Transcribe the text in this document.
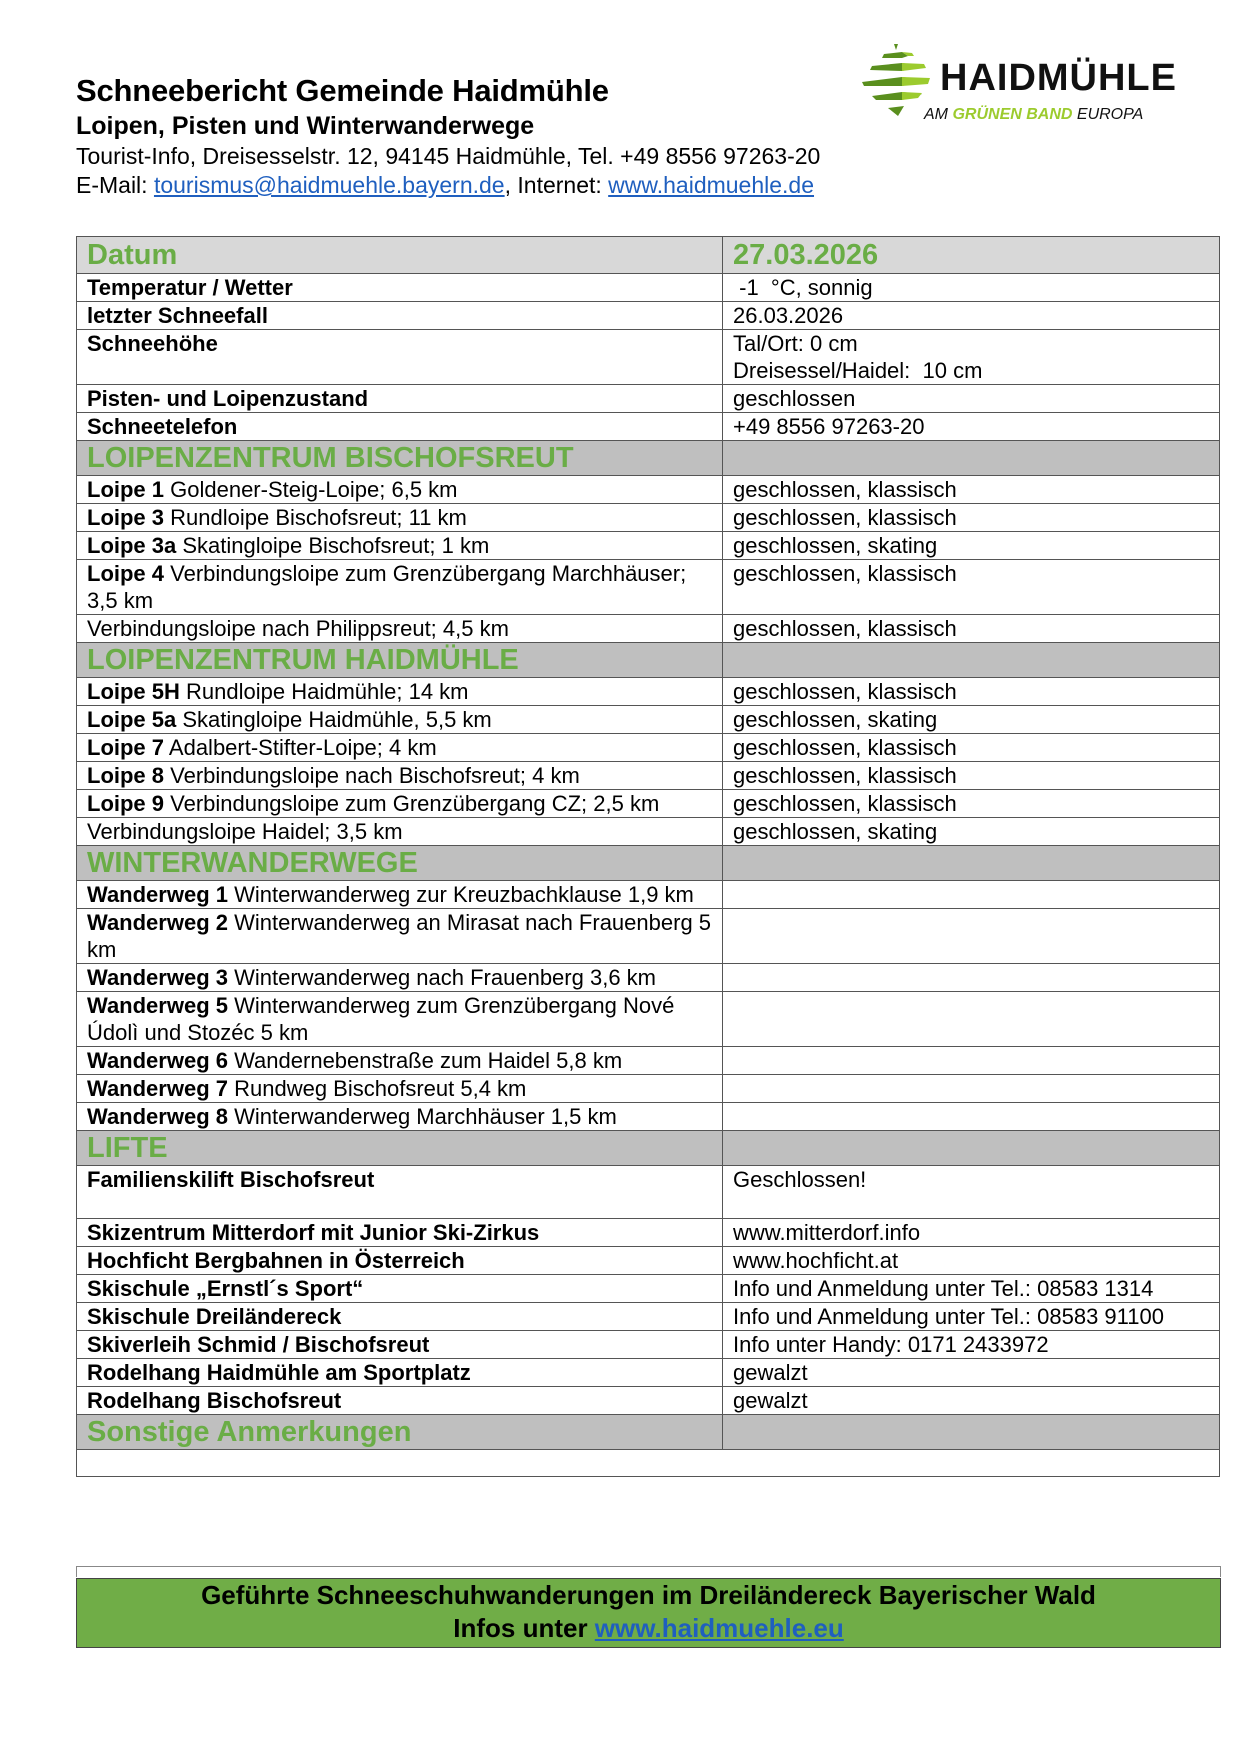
Schneebericht Gemeinde Haidmühle
Loipen, Pisten und Winterwanderwege
Tourist-Info, Dreisesselstr. 12, 94145 Haidmühle, Tel. +49 8556 97263-20
E-Mail: tourismus@haidmuehle.bayern.de, Internet: www.haidmuehle.de
HAIDMÜHLE
AM GRÜNEN BAND EUROPA
Datum	27.03.2026
Temperatur / Wetter	-1  °C, sonnig
letzter Schneefall	26.03.2026
Schneehöhe	Tal/Ort: 0 cm
Dreisessel/Haidel:  10 cm

Pisten- und Loipenzustand	geschlossen
Schneetelefon	+49 8556 97263-20
LOIPENZENTRUM BISCHOFSREUT	
Loipe 1 Goldener-Steig-Loipe; 6,5 km	geschlossen, klassisch
Loipe 3 Rundloipe Bischofsreut; 11 km	geschlossen, klassisch
Loipe 3a Skatingloipe Bischofsreut; 1 km	geschlossen, skating
Loipe 4 Verbindungsloipe zum Grenzübergang Marchhäuser; 3,5 km	geschlossen, klassisch
Verbindungsloipe nach Philippsreut; 4,5 km	geschlossen, klassisch
LOIPENZENTRUM HAIDMÜHLE	
Loipe 5H Rundloipe Haidmühle; 14 km	geschlossen, klassisch
Loipe 5a Skatingloipe Haidmühle, 5,5 km	geschlossen, skating
Loipe 7 Adalbert-Stifter-Loipe; 4 km	geschlossen, klassisch
Loipe 8 Verbindungsloipe nach Bischofsreut; 4 km	geschlossen, klassisch
Loipe 9 Verbindungsloipe zum Grenzübergang CZ; 2,5 km	geschlossen, klassisch
Verbindungsloipe Haidel; 3,5 km	geschlossen, skating
WINTERWANDERWEGE	
Wanderweg 1 Winterwanderweg zur Kreuzbachklause 1,9 km	
Wanderweg 2 Winterwanderweg an Mirasat nach Frauenberg 5 km	
Wanderweg 3 Winterwanderweg nach Frauenberg 3,6 km	
Wanderweg 5 Winterwanderweg zum Grenzübergang Nové Údolì und Stozéc 5 km	
Wanderweg 6 Wandernebenstraße zum Haidel 5,8 km	
Wanderweg 7 Rundweg Bischofsreut 5,4 km	
Wanderweg 8 Winterwanderweg Marchhäuser 1,5 km	
LIFTE	
Familienskilift Bischofsreut	Geschlossen!
Skizentrum Mitterdorf mit Junior Ski-Zirkus	www.mitterdorf.info
Hochficht Bergbahnen in Österreich	www.hochficht.at
Skischule „Ernstl´s Sport“	Info und Anmeldung unter Tel.: 08583 1314
Skischule Dreiländereck	Info und Anmeldung unter Tel.: 08583 91100
Skiverleih Schmid / Bischofsreut	Info unter Handy: 0171 2433972
Rodelhang Haidmühle am Sportplatz	gewalzt
Rodelhang Bischofsreut	gewalzt
Sonstige Anmerkungen	

Geführte Schneeschuhwanderungen im Dreiländereck Bayerischer Wald
Infos unter www.haidmuehle.eu
